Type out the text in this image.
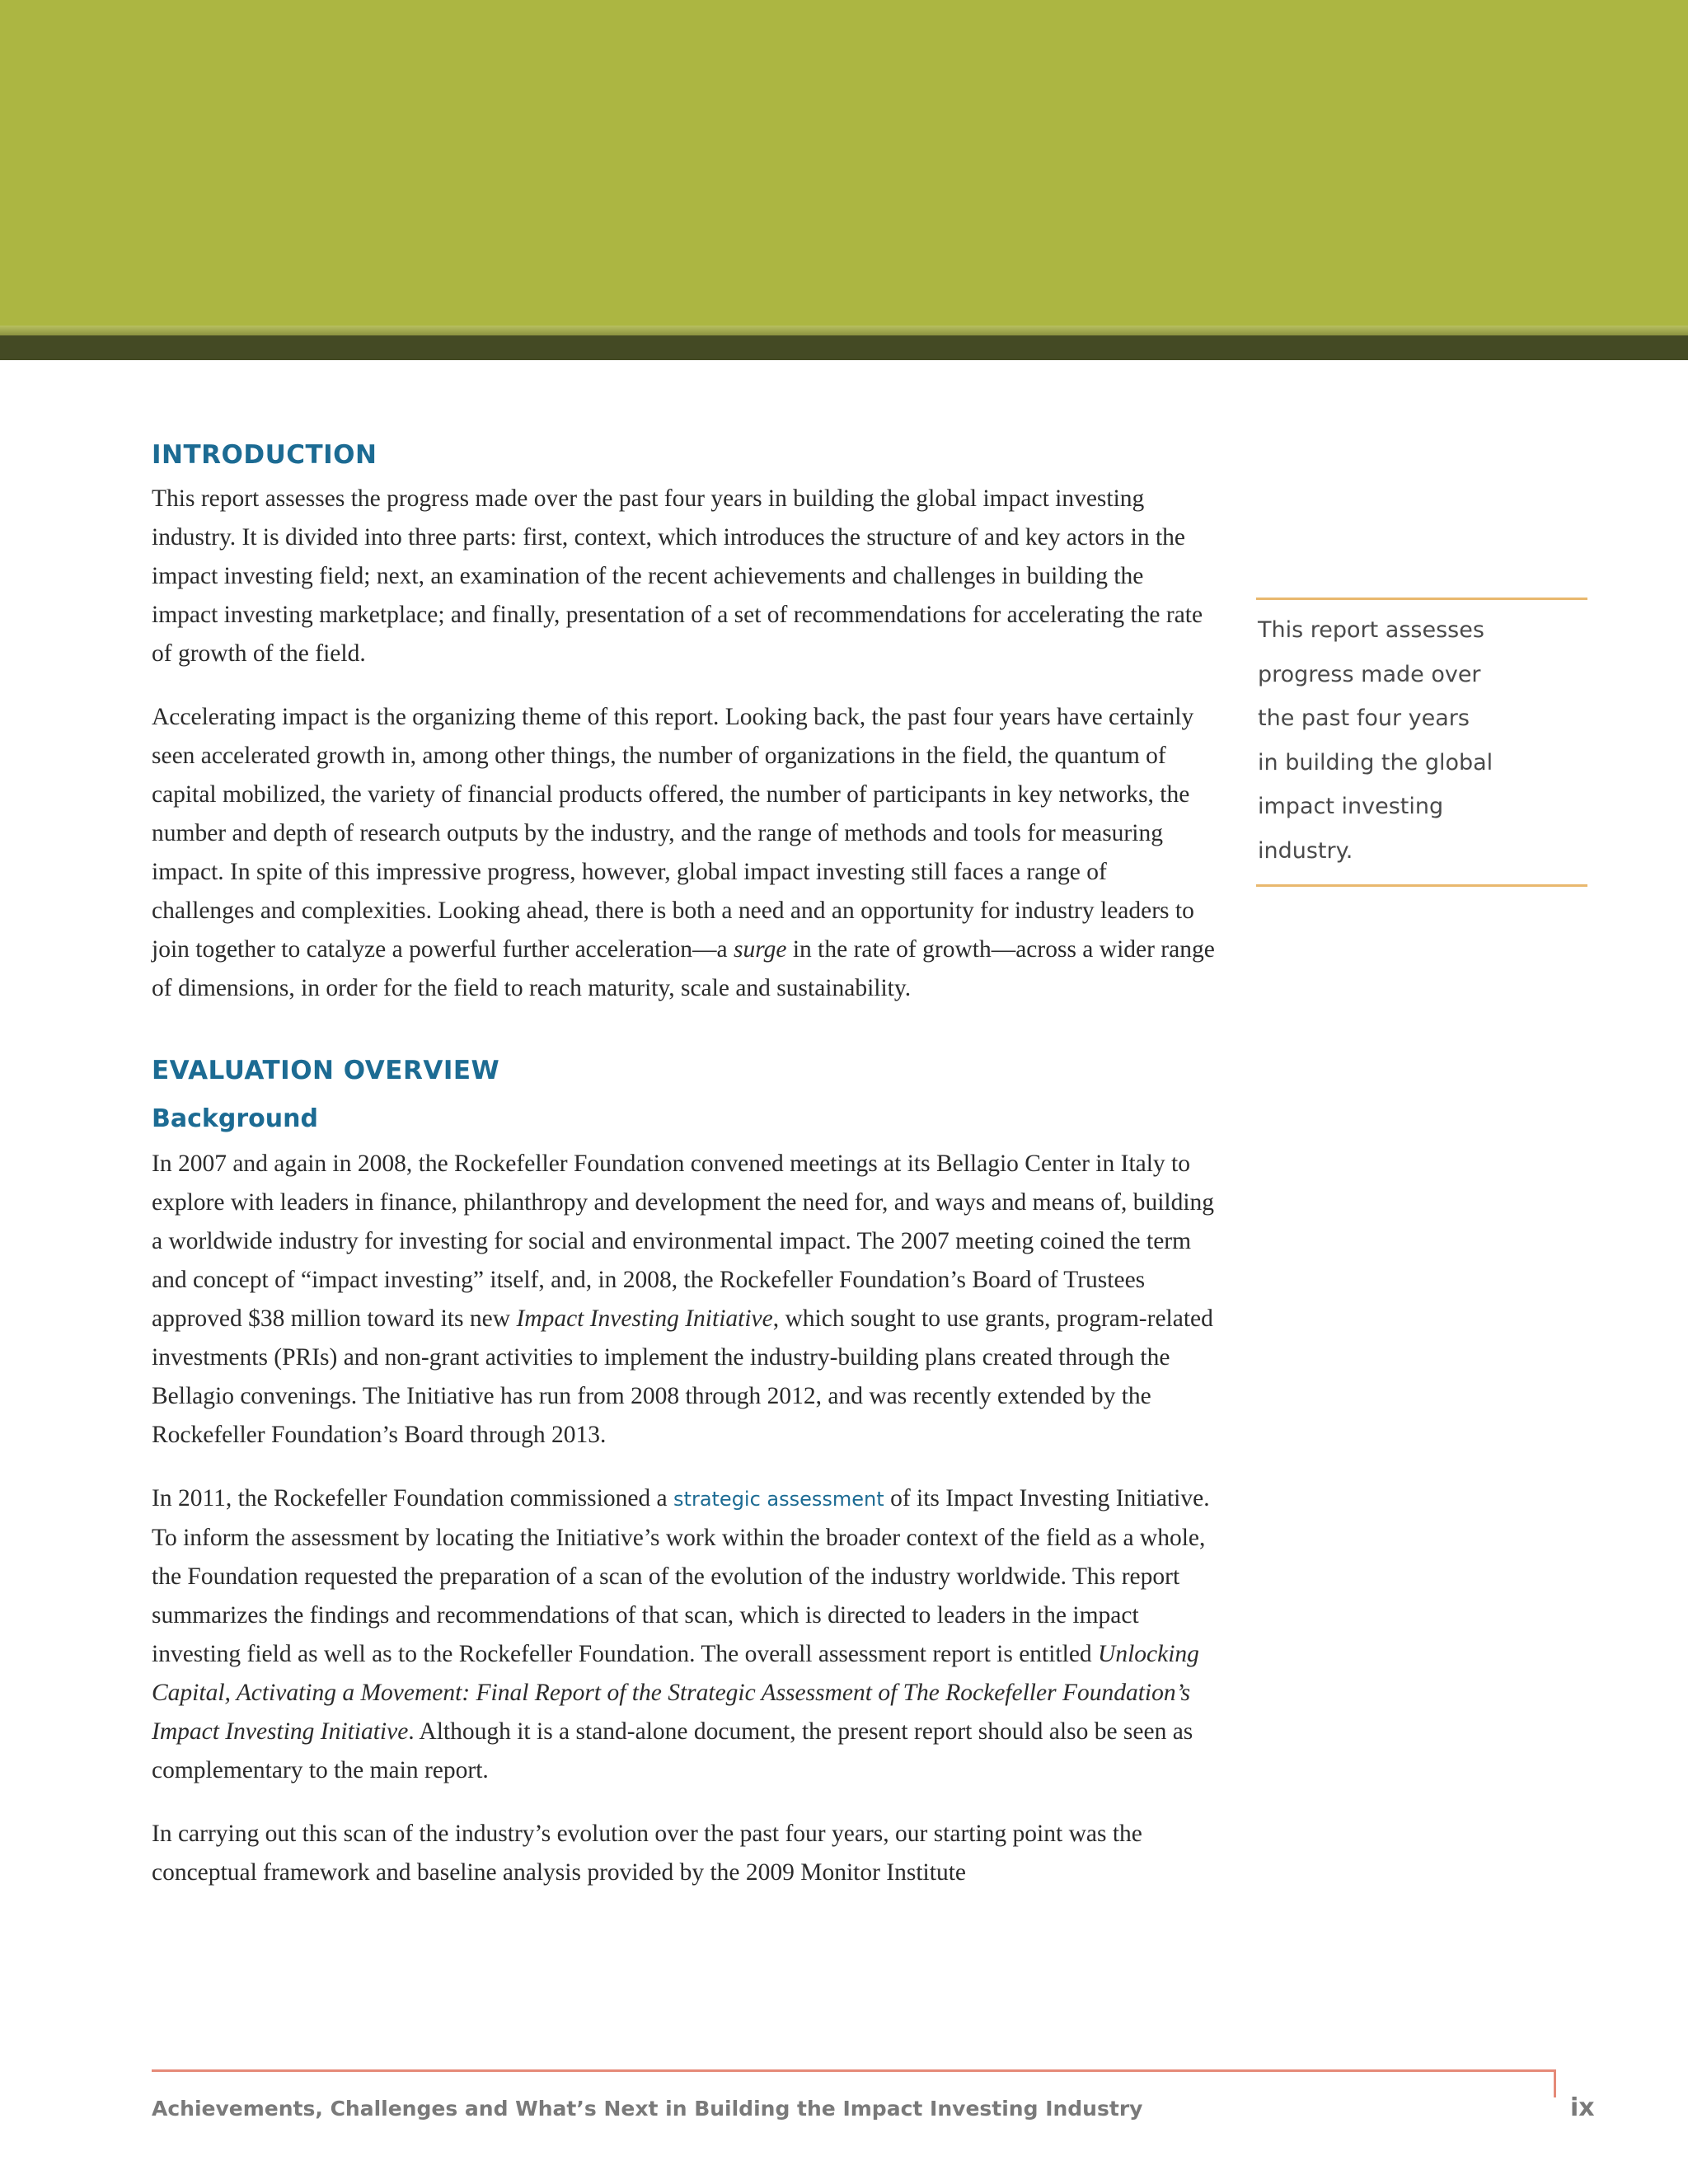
INTRODUCTION

This report assesses the progress made over the past four years in building the global impact investing industry. It is divided into three parts: first, context, which introduces the structure of and key actors in the impact investing field; next, an examination of the recent achievements and challenges in building the impact investing marketplace; and finally, presentation of a set of recommendations for accelerating the rate of growth of the field.

Accelerating impact is the organizing theme of this report. Looking back, the past four years have certainly seen accelerated growth in, among other things, the number of organizations in the field, the quantum of capital mobilized, the variety of financial products offered, the number of participants in key networks, the number and depth of research outputs by the industry, and the range of methods and tools for measuring impact. In spite of this impressive progress, however, global impact investing still faces a range of challenges and complexities. Looking ahead, there is both a need and an opportunity for industry leaders to join together to catalyze a powerful further acceleration—a surge in the rate of growth—across a wider range of dimensions, in order for the field to reach maturity, scale and sustainability.

EVALUATION OVERVIEW
Background

In 2007 and again in 2008, the Rockefeller Foundation convened meetings at its Bellagio Center in Italy to explore with leaders in finance, philanthropy and development the need for, and ways and means of, building a worldwide industry for investing for social and environmental impact. The 2007 meeting coined the term and concept of “impact investing” itself, and, in 2008, the Rockefeller Foundation’s Board of Trustees approved $38 million toward its new Impact Investing Initiative, which sought to use grants, program-related investments (PRIs) and non-grant activities to implement the industry-building plans created through the Bellagio convenings. The Initiative has run from 2008 through 2012, and was recently extended by the Rockefeller Foundation’s Board through 2013.

In 2011, the Rockefeller Foundation commissioned a strategic assessment of its Impact Investing Initiative. To inform the assessment by locating the Initiative’s work within the broader context of the field as a whole, the Foundation requested the preparation of a scan of the evolution of the industry worldwide. This report summarizes the findings and recommendations of that scan, which is directed to leaders in the impact investing field as well as to the Rockefeller Foundation. The overall assessment report is entitled Unlocking Capital, Activating a Movement: Final Report of the Strategic Assessment of The Rockefeller Foundation’s Impact Investing Initiative. Although it is a stand-alone document, the present report should also be seen as complementary to the main report.

In carrying out this scan of the industry’s evolution over the past four years, our starting point was the conceptual framework and baseline analysis provided by the 2009 Monitor Institute

This report assesses
progress made over
the past four years
in building the global
impact investing
industry.

Achievements, Challenges and What’s Next in Building the Impact Investing Industry	ix
